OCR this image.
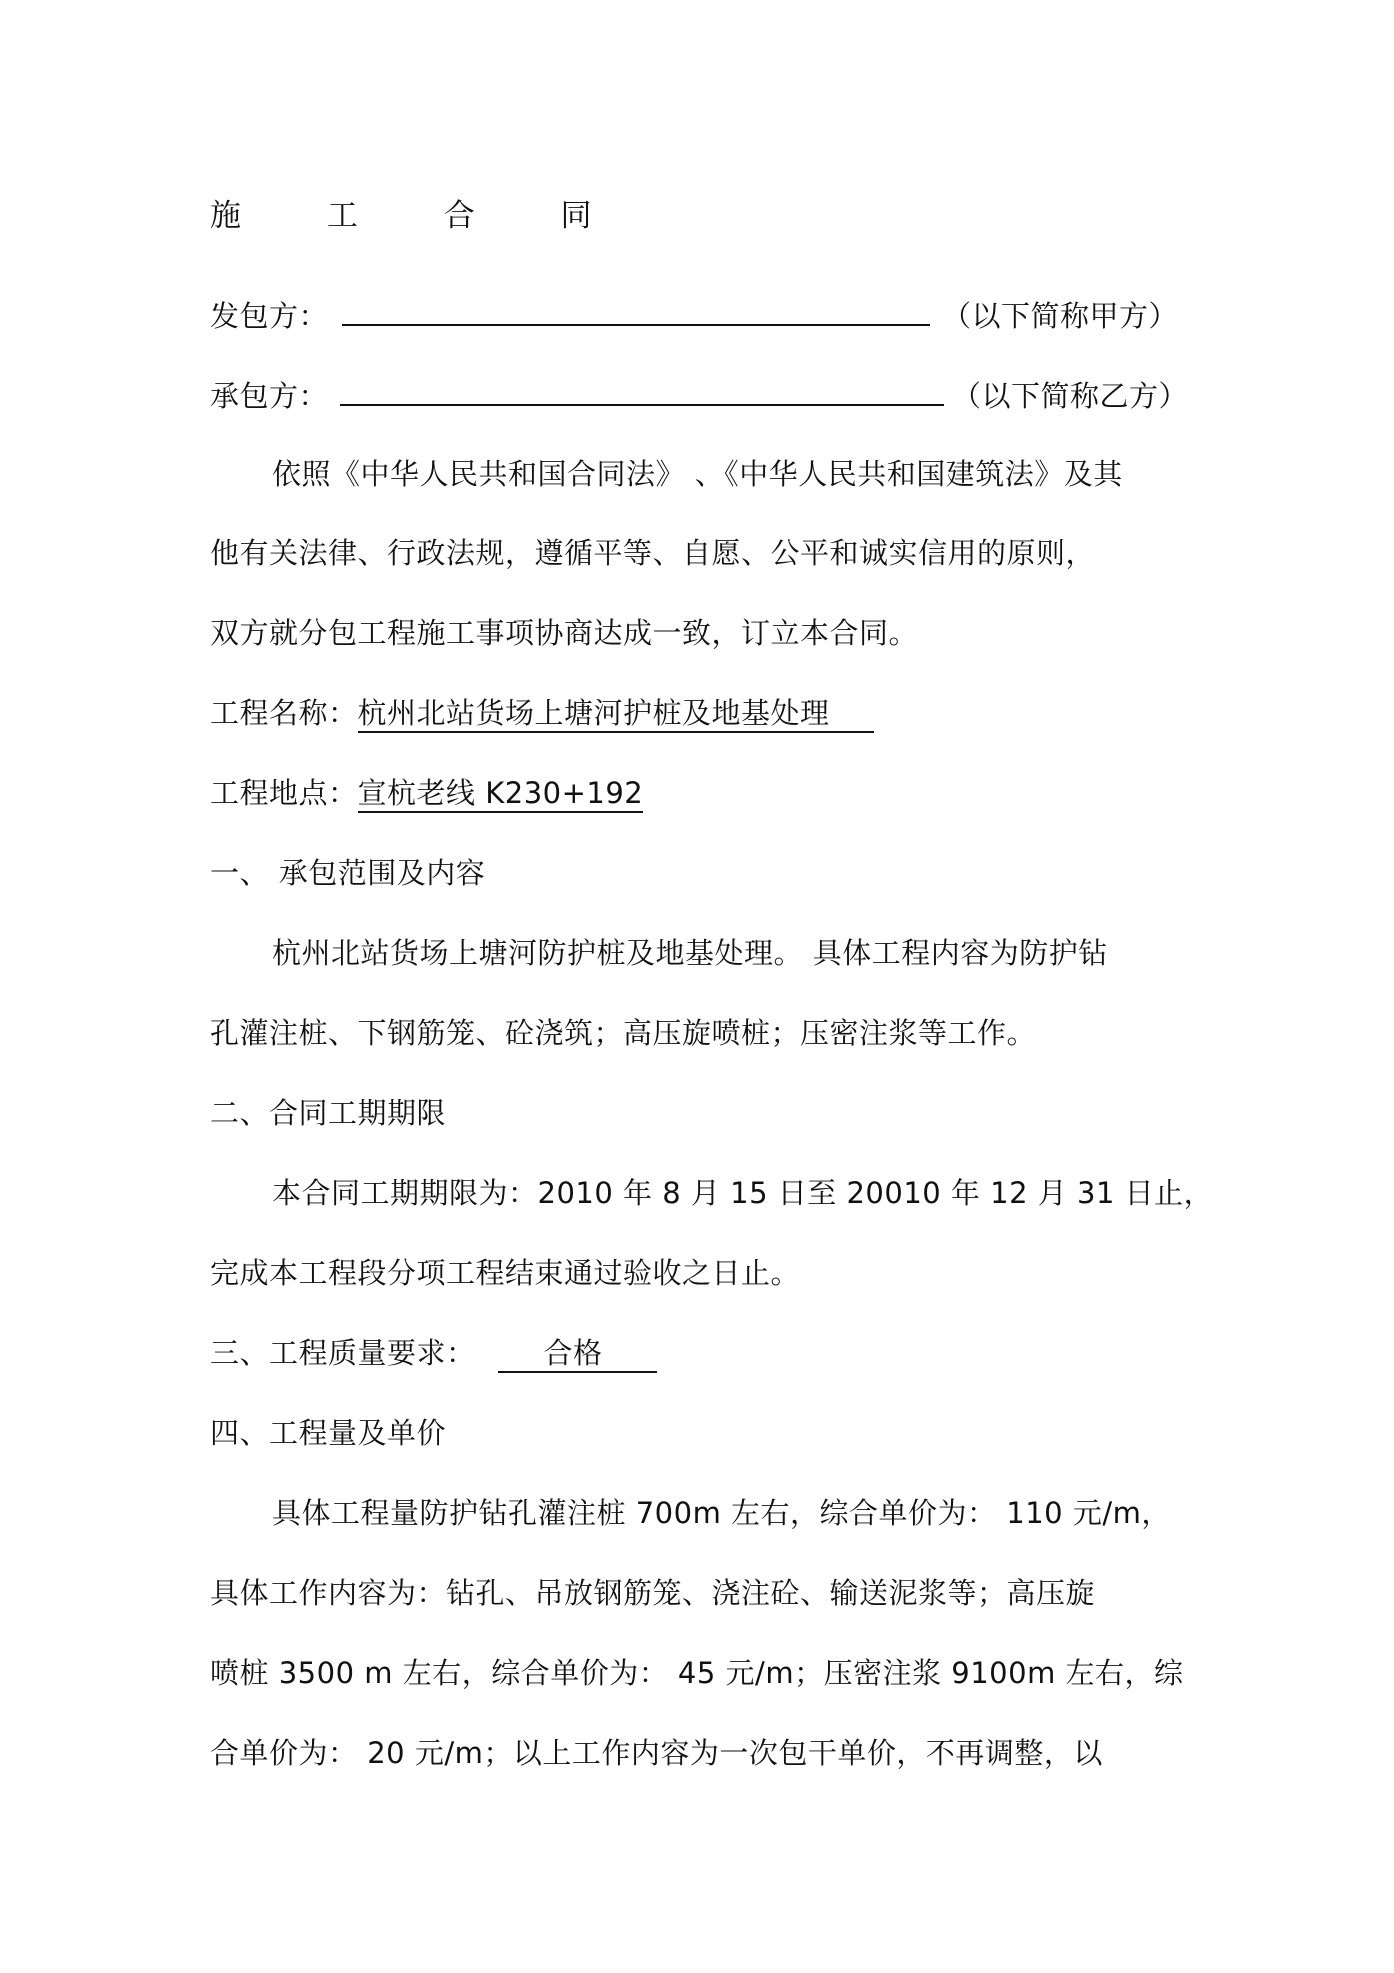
施 工 合 同
发包方：	（以下简称甲方）
承包方：	（以下简称乙方）
依照《中华人民共和国合同法》 、《中华人民共和国建筑法》及其
他有关法律、行政法规，遵循平等、自愿、公平和诚实信用的原则，
双方就分包工程施工事项协商达成一致，订立本合同。
工程名称：杭州北站货场上塘河护桩及地基处理
工程地点：宣杭老线 K230+192
一、 承包范围及内容
杭州北站货场上塘河防护桩及地基处理。 具体工程内容为防护钻
孔灌注桩、下钢筋笼、砼浇筑；高压旋喷桩；压密注浆等工作。
二、合同工期期限
本合同工期期限为：2010 年 8 月 15 日至 20010 年 12 月 31 日止，
完成本工程段分项工程结束通过验收之日止。
三、工程质量要求： 合格
四、工程量及单价
具体工程量防护钻孔灌注桩 700m 左右，综合单价为： 110 元/m，
具体工作内容为：钻孔、吊放钢筋笼、浇注砼、输送泥浆等；高压旋
喷桩 3500 m 左右，综合单价为： 45 元/m；压密注浆 9100m 左右，综
合单价为： 20 元/m；以上工作内容为一次包干单价，不再调整，以
